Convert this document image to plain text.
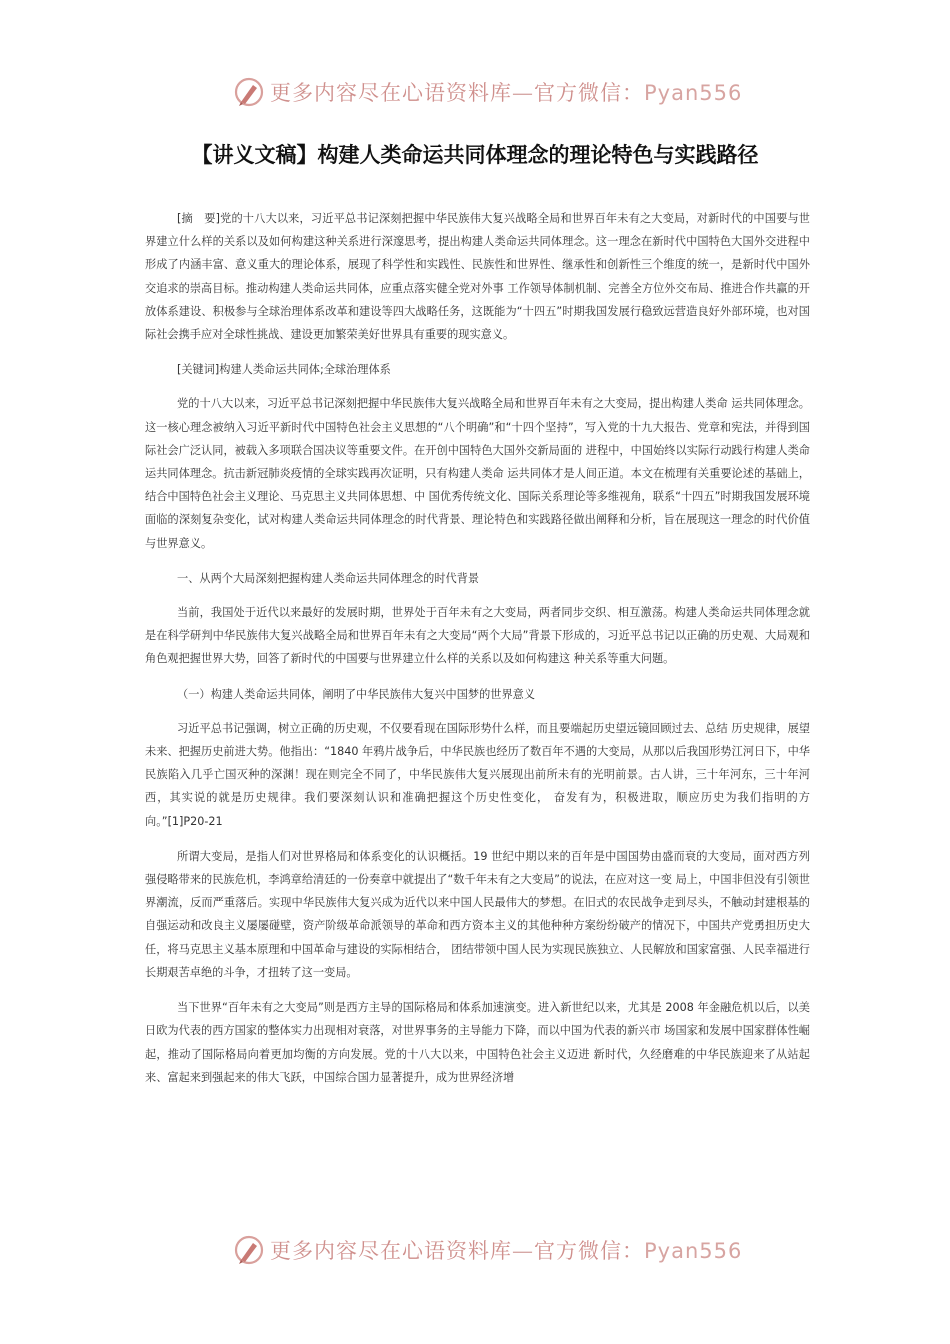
更多内容尽在心语资料库—官方微信：Pyan556
【讲义文稿】构建人类命运共同体理念的理论特色与实践路径

[摘　要]党的十八大以来，习近平总书记深刻把握中华民族伟大复兴战略全局和世界百年未有之大变局，对新时代的中国要与世界建立什么样的关系以及如何构建这种关系进行深邃思考，提出构建人类命运共同体理念。这一理念在新时代中国特色大国外交进程中形成了内涵丰富、意义重大的理论体系，展现了科学性和实践性、民族性和世界性、继承性和创新性三个维度的统一，是新时代中国外交追求的崇高目标。推动构建人类命运共同体，应重点落实健全党对外事 工作领导体制机制、完善全方位外交布局、推进合作共赢的开放体系建设、积极参与全球治理体系改革和建设等四大战略任务，这既能为“十四五”时期我国发展行稳致远营造良好外部环境，也对国际社会携手应对全球性挑战、建设更加繁荣美好世界具有重要的现实意义。

[关键词]构建人类命运共同体;全球治理体系

党的十八大以来，习近平总书记深刻把握中华民族伟大复兴战略全局和世界百年未有之大变局，提出构建人类命 运共同体理念。这一核心理念被纳入习近平新时代中国特色社会主义思想的“八个明确”和“十四个坚持”，写入党的十九大报告、党章和宪法，并得到国际社会广泛认同，被载入多项联合国决议等重要文件。在开创中国特色大国外交新局面的 进程中，中国始终以实际行动践行构建人类命运共同体理念。抗击新冠肺炎疫情的全球实践再次证明，只有构建人类命 运共同体才是人间正道。本文在梳理有关重要论述的基础上，结合中国特色社会主义理论、马克思主义共同体思想、中 国优秀传统文化、国际关系理论等多维视角，联系“十四五”时期我国发展环境面临的深刻复杂变化，试对构建人类命运共同体理念的时代背景、理论特色和实践路径做出阐释和分析，旨在展现这一理念的时代价值与世界意义。

一、从两个大局深刻把握构建人类命运共同体理念的时代背景

当前，我国处于近代以来最好的发展时期，世界处于百年未有之大变局，两者同步交织、相互激荡。构建人类命运共同体理念就是在科学研判中华民族伟大复兴战略全局和世界百年未有之大变局“两个大局”背景下形成的，习近平总书记以正确的历史观、大局观和角色观把握世界大势，回答了新时代的中国要与世界建立什么样的关系以及如何构建这 种关系等重大问题。

（一）构建人类命运共同体，阐明了中华民族伟大复兴中国梦的世界意义

习近平总书记强调，树立正确的历史观，不仅要看现在国际形势什么样，而且要端起历史望远镜回顾过去、总结 历史规律，展望未来、把握历史前进大势。他指出：“1840 年鸦片战争后，中华民族也经历了数百年不遇的大变局，从那以后我国形势江河日下，中华民族陷入几乎亡国灭种的深渊！现在则完全不同了，中华民族伟大复兴展现出前所未有的光明前景。古人讲，三十年河东，三十年河西，其实说的就是历史规律。我们要深刻认识和准确把握这个历史性变化， 奋发有为，积极进取，顺应历史为我们指明的方向。”[1]P20-21

所谓大变局，是指人们对世界格局和体系变化的认识概括。19 世纪中期以来的百年是中国国势由盛而衰的大变局，面对西方列强侵略带来的民族危机，李鸿章给清廷的一份奏章中就提出了“数千年未有之大变局”的说法，在应对这一变 局上，中国非但没有引领世界潮流，反而严重落后。实现中华民族伟大复兴成为近代以来中国人民最伟大的梦想。在旧式的农民战争走到尽头，不触动封建根基的自强运动和改良主义屡屡碰壁，资产阶级革命派领导的革命和西方资本主义的其他种种方案纷纷破产的情况下，中国共产党勇担历史大任，将马克思主义基本原理和中国革命与建设的实际相结合， 团结带领中国人民为实现民族独立、人民解放和国家富强、人民幸福进行长期艰苦卓绝的斗争，才扭转了这一变局。

当下世界“百年未有之大变局”则是西方主导的国际格局和体系加速演变。进入新世纪以来，尤其是 2008 年金融危机以后，以美日欧为代表的西方国家的整体实力出现相对衰落，对世界事务的主导能力下降，而以中国为代表的新兴市 场国家和发展中国家群体性崛起，推动了国际格局向着更加均衡的方向发展。党的十八大以来，中国特色社会主义迈进 新时代，久经磨难的中华民族迎来了从站起来、富起来到强起来的伟大飞跃，中国综合国力显著提升，成为世界经济增

更多内容尽在心语资料库—官方微信：Pyan556
